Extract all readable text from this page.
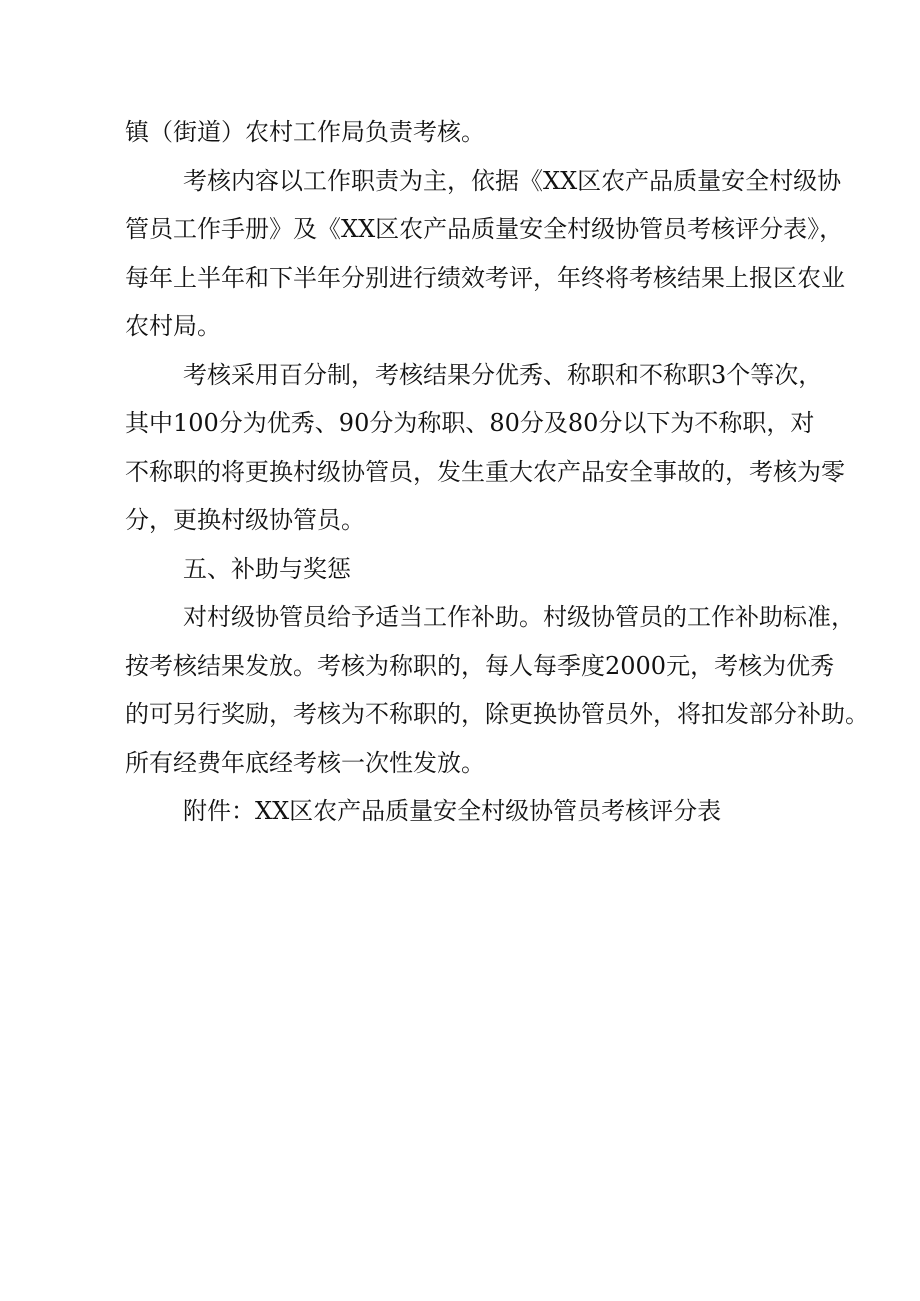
镇（街道）农村工作局负责考核。
考核内容以工作职责为主，依据《XX区农产品质量安全村级协
管员工作手册》及《XX区农产品质量安全村级协管员考核评分表》，
每年上半年和下半年分别进行绩效考评，年终将考核结果上报区农业
农村局。
考核采用百分制，考核结果分优秀、称职和不称职3个等次，
其中100分为优秀、90分为称职、80分及80分以下为不称职，对
不称职的将更换村级协管员，发生重大农产品安全事故的，考核为零
分，更换村级协管员。
五、补助与奖惩
对村级协管员给予适当工作补助。村级协管员的工作补助标准，
按考核结果发放。考核为称职的，每人每季度2000元，考核为优秀
的可另行奖励，考核为不称职的，除更换协管员外，将扣发部分补助。
所有经费年底经考核一次性发放。
附件：XX区农产品质量安全村级协管员考核评分表
